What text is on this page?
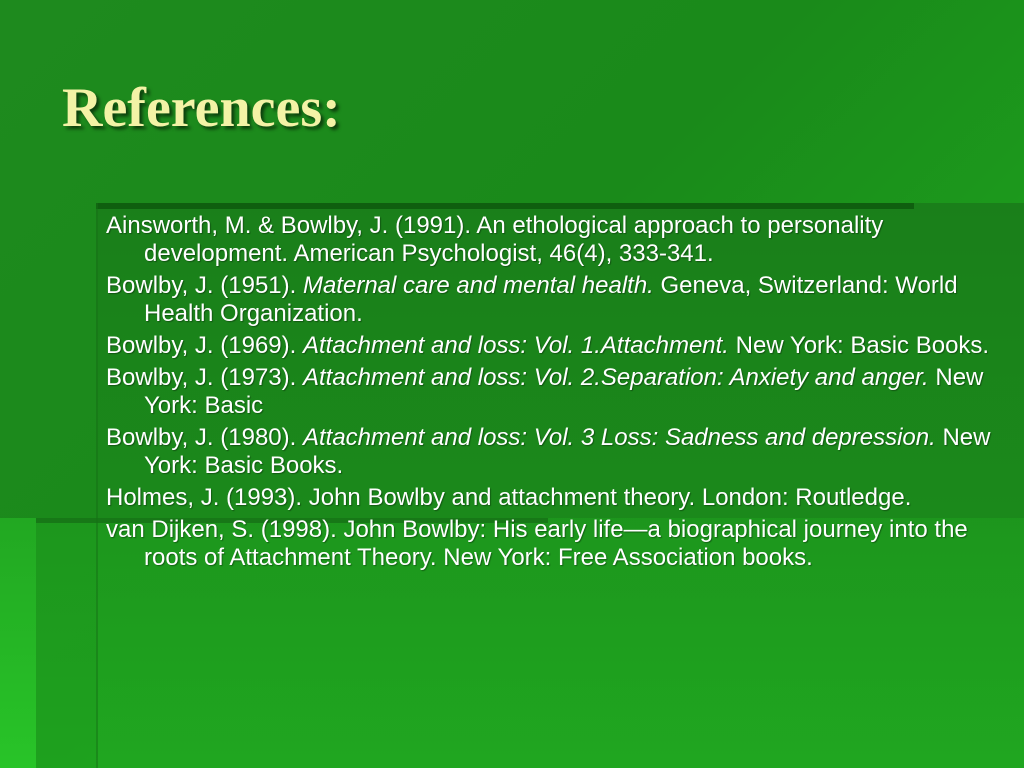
References:
Ainsworth, M. & Bowlby, J. (1991). An ethological approach to personality development. American Psychologist, 46(4), 333-341.
Bowlby, J. (1951). Maternal care and mental health. Geneva, Switzerland: World Health Organization.
Bowlby, J. (1969). Attachment and loss: Vol. 1.Attachment. New York: Basic Books.
Bowlby, J. (1973). Attachment and loss: Vol. 2.Separation: Anxiety and anger. New York: Basic
Bowlby, J. (1980). Attachment and loss: Vol. 3 Loss: Sadness and depression. New York: Basic Books.
Holmes, J. (1993). John Bowlby and attachment theory. London: Routledge.
van Dijken, S. (1998). John Bowlby: His early life—a biographical journey into the roots of Attachment Theory. New York: Free Association books.
